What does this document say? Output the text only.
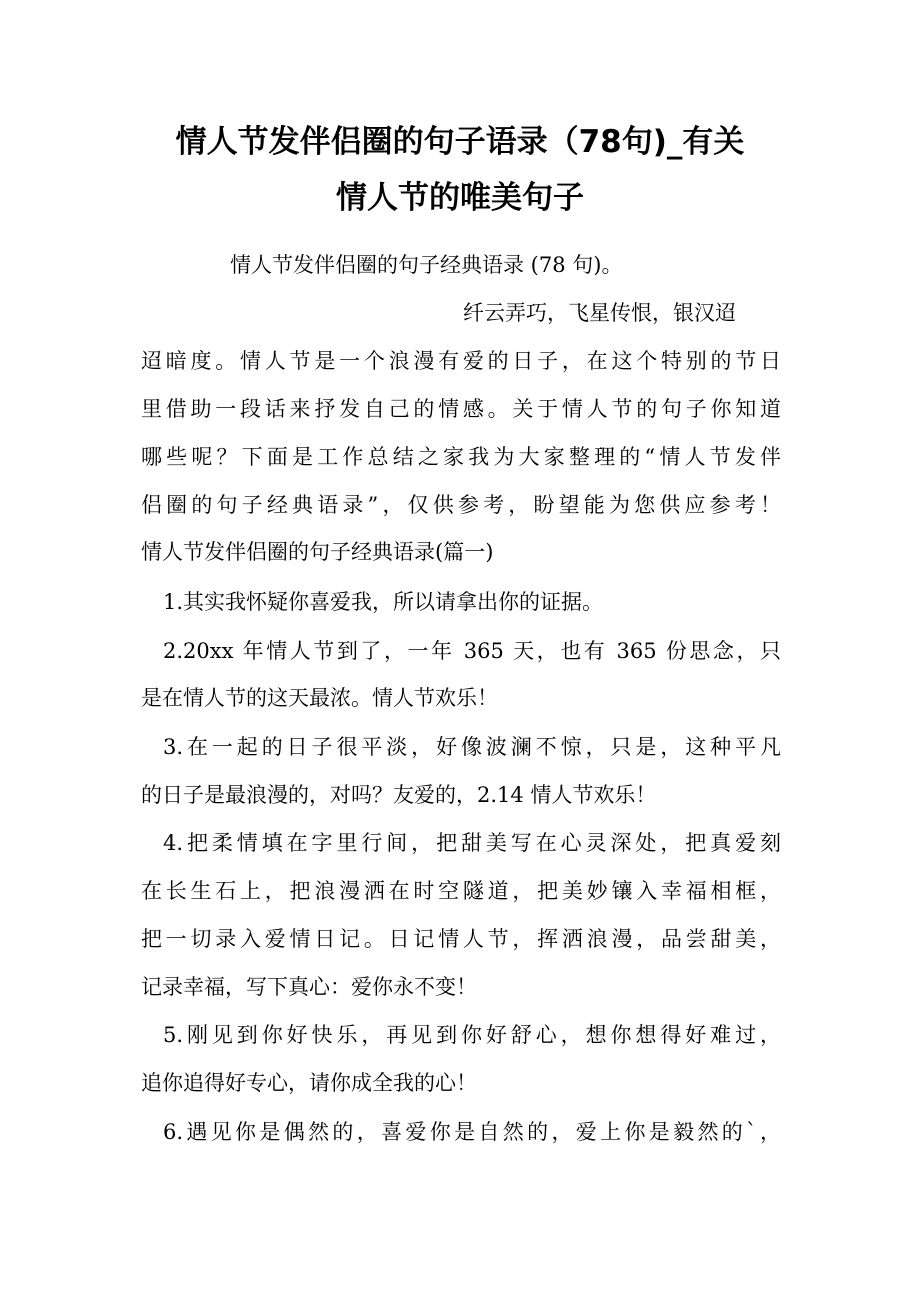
情人节发伴侣圈的句子语录（78句)_有关
情人节的唯美句子

情人节发伴侣圈的句子经典语录 (78 句)。

纤云弄巧，飞星传恨，银汉迢

迢暗度。情人节是一个浪漫有爱的日子，在这个特别的节日

里借助一段话来抒发自己的情感。关于情人节的句子你知道

哪些呢？下面是工作总结之家我为大家整理的“情人节发伴

侣圈的句子经典语录”，仅供参考，盼望能为您供应参考！

情人节发伴侣圈的句子经典语录(篇一)

1.其实我怀疑你喜爱我，所以请拿出你的证据。

2.20xx 年情人节到了，一年 365 天，也有 365 份思念，只

是在情人节的这天最浓。情人节欢乐！

3.在一起的日子很平淡，好像波澜不惊，只是，这种平凡

的日子是最浪漫的，对吗？友爱的，2.14 情人节欢乐！

4.把柔情填在字里行间，把甜美写在心灵深处，把真爱刻

在长生石上，把浪漫洒在时空隧道，把美妙镶入幸福相框，

把一切录入爱情日记。日记情人节，挥洒浪漫，品尝甜美，

记录幸福，写下真心：爱你永不变！

5.刚见到你好快乐，再见到你好舒心，想你想得好难过，

追你追得好专心，请你成全我的心！

6.遇见你是偶然的，喜爱你是自然的，爱上你是毅然的`，
